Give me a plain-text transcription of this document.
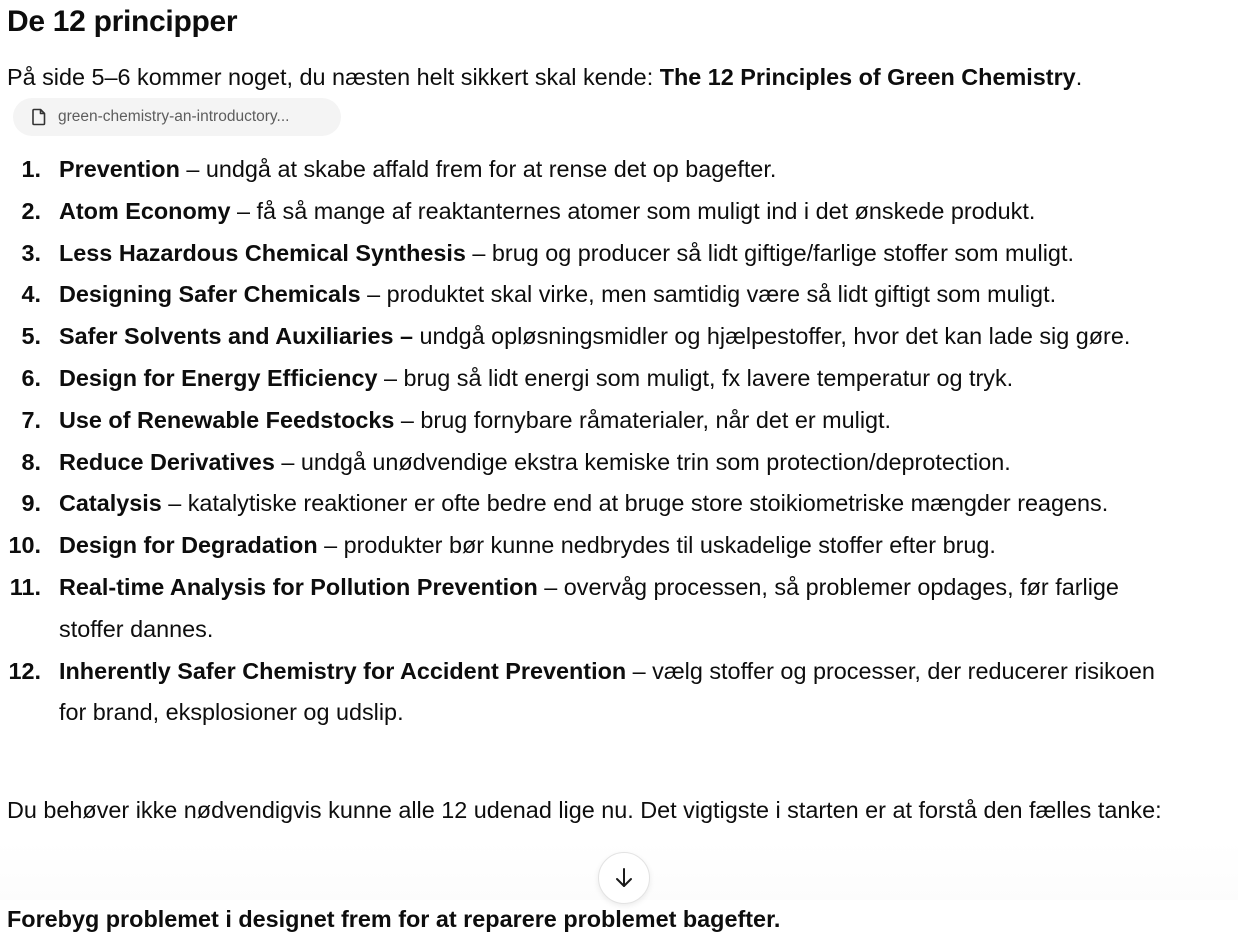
De 12 principper
På side 5–6 kommer noget, du næsten helt sikkert skal kende: The 12 Principles of Green Chemistry.
green-chemistry-an-introductory...
1. Prevention – undgå at skabe affald frem for at rense det op bagefter.
2. Atom Economy – få så mange af reaktanternes atomer som muligt ind i det ønskede produkt.
3. Less Hazardous Chemical Synthesis – brug og producer så lidt giftige/farlige stoffer som muligt.
4. Designing Safer Chemicals – produktet skal virke, men samtidig være så lidt giftigt som muligt.
5. Safer Solvents and Auxiliaries – undgå opløsningsmidler og hjælpestoffer, hvor det kan lade sig gøre.
6. Design for Energy Efficiency – brug så lidt energi som muligt, fx lavere temperatur og tryk.
7. Use of Renewable Feedstocks – brug fornybare råmaterialer, når det er muligt.
8. Reduce Derivatives – undgå unødvendige ekstra kemiske trin som protection/deprotection.
9. Catalysis – katalytiske reaktioner er ofte bedre end at bruge store stoikiometriske mængder reagens.
10. Design for Degradation – produkter bør kunne nedbrydes til uskadelige stoffer efter brug.
11. Real-time Analysis for Pollution Prevention – overvåg processen, så problemer opdages, før farlige stoffer dannes.
12. Inherently Safer Chemistry for Accident Prevention – vælg stoffer og processer, der reducerer risikoen for brand, eksplosioner og udslip.

Du behøver ikke nødvendigvis kunne alle 12 udenad lige nu. Det vigtigste i starten er at forstå den fælles tanke:

Forebyg problemet i designet frem for at reparere problemet bagefter.
